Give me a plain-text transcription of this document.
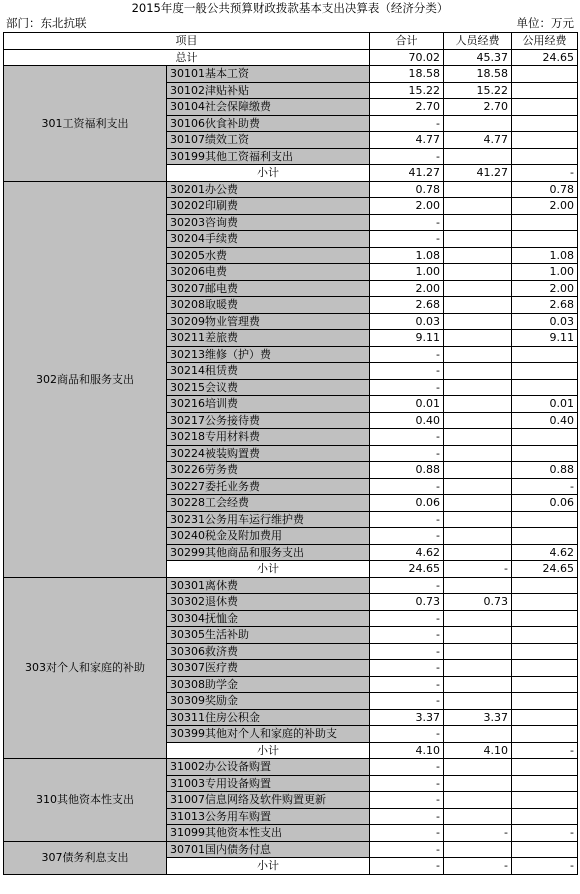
2015年度一般公共预算财政拨款基本支出决算表（经济分类）
部门：东北抗联	单位：万元
项目		合计	人员经费	公用经费
总计		70.02	45.37	24.65
301工资福利支出	30101基本工资	18.58	18.58	
	30102津贴补贴	15.22	15.22	
	30104社会保障缴费	2.70	2.70	
	30106伙食补助费	-		
	30107绩效工资	4.77	4.77	
	30199其他工资福利支出	-		
	小计	41.27	41.27	-
302商品和服务支出	30201办公费	0.78		0.78
	30202印刷费	2.00		2.00
	30203咨询费	-		
	30204手续费	-		
	30205水费	1.08		1.08
	30206电费	1.00		1.00
	30207邮电费	2.00		2.00
	30208取暖费	2.68		2.68
	30209物业管理费	0.03		0.03
	30211差旅费	9.11		9.11
	30213维修（护）费	-		
	30214租赁费	-		
	30215会议费	-		
	30216培训费	0.01		0.01
	30217公务接待费	0.40		0.40
	30218专用材料费	-		
	30224被装购置费	-		
	30226劳务费	0.88		0.88
	30227委托业务费	-		-
	30228工会经费	0.06		0.06
	30231公务用车运行维护费	-		
	30240税金及附加费用	-		
	30299其他商品和服务支出	4.62		4.62
	小计	24.65	-	24.65
303对个人和家庭的补助	30301离休费	-		
	30302退休费	0.73	0.73	
	30304抚恤金	-		
	30305生活补助	-		
	30306救济费	-		
	30307医疗费	-		
	30308助学金	-		
	30309奖励金	-		
	30311住房公积金	3.37	3.37	
	30399其他对个人和家庭的补助支	-		
	小计	4.10	4.10	-
310其他资本性支出	31002办公设备购置	-		
	31003专用设备购置	-		
	31007信息网络及软件购置更新	-		
	31013公务用车购置	-		
	31099其他资本性支出	-	-	-
307债务利息支出	30701国内债务付息	-		
	小计	-	-	-
